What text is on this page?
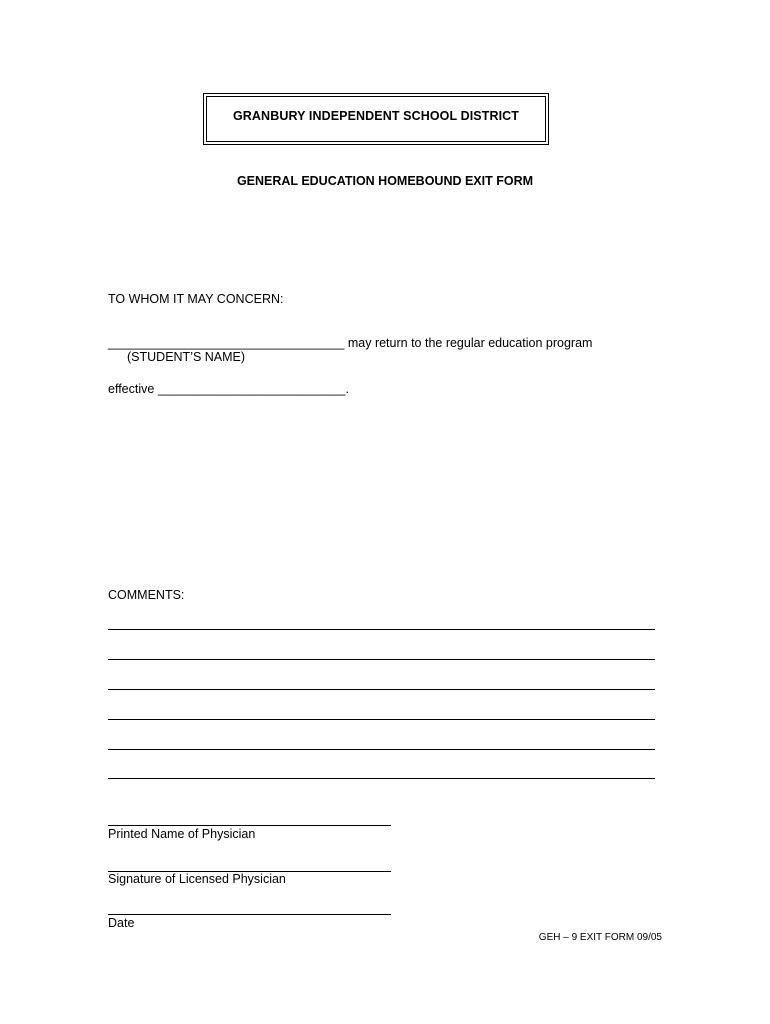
GRANBURY INDEPENDENT SCHOOL DISTRICT
GENERAL EDUCATION HOMEBOUND EXIT FORM
TO WHOM IT MAY CONCERN:
__________________________________ may return to the regular education program
(STUDENT’S NAME)
effective ___________________________.
COMMENTS:
Printed Name of Physician
Signature of Licensed Physician
Date
GEH – 9 EXIT FORM 09/05
